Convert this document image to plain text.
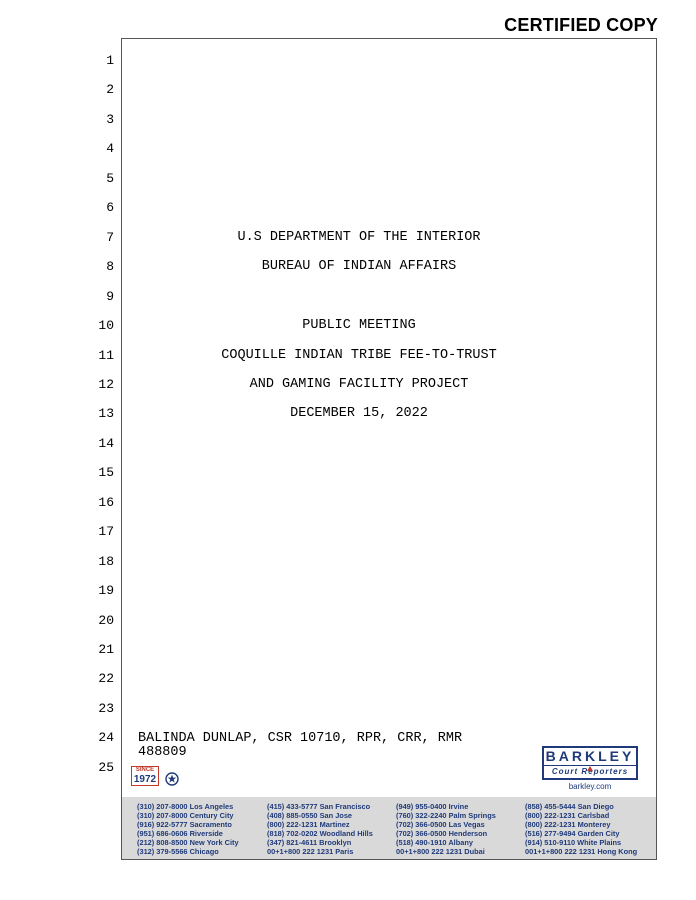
CERTIFIED COPY
1
2
3
4
5
6
7
8
9
10
11
12
13
14
15
16
17
18
19
20
21
22
23
24
25
U.S DEPARTMENT OF THE INTERIOR
BUREAU OF INDIAN AFFAIRS
PUBLIC MEETING
COQUILLE INDIAN TRIBE FEE-TO-TRUST
AND GAMING FACILITY PROJECT
DECEMBER 15, 2022
BALINDA DUNLAP, CSR 10710, RPR, CRR, RMR
488809
SINCE
1972
BARKLEY
Court Reporters
barkley.com
(310) 207-8000 Los Angeles
(310) 207-8000 Century City
(916) 922-5777 Sacramento
(951) 686-0606 Riverside
(212) 808-8500 New York City
(312) 379-5566 Chicago
(415) 433-5777 San Francisco
(408) 885-0550 San Jose
(800) 222-1231 Martinez
(818) 702-0202 Woodland Hills
(347) 821-4611 Brooklyn
00+1+800 222 1231 Paris
(949) 955-0400 Irvine
(760) 322-2240 Palm Springs
(702) 366-0500 Las Vegas
(702) 366-0500 Henderson
(518) 490-1910 Albany
00+1+800 222 1231 Dubai
(858) 455-5444 San Diego
(800) 222-1231 Carlsbad
(800) 222-1231 Monterey
(516) 277-9494 Garden City
(914) 510-9110 White Plains
001+1+800 222 1231 Hong Kong
